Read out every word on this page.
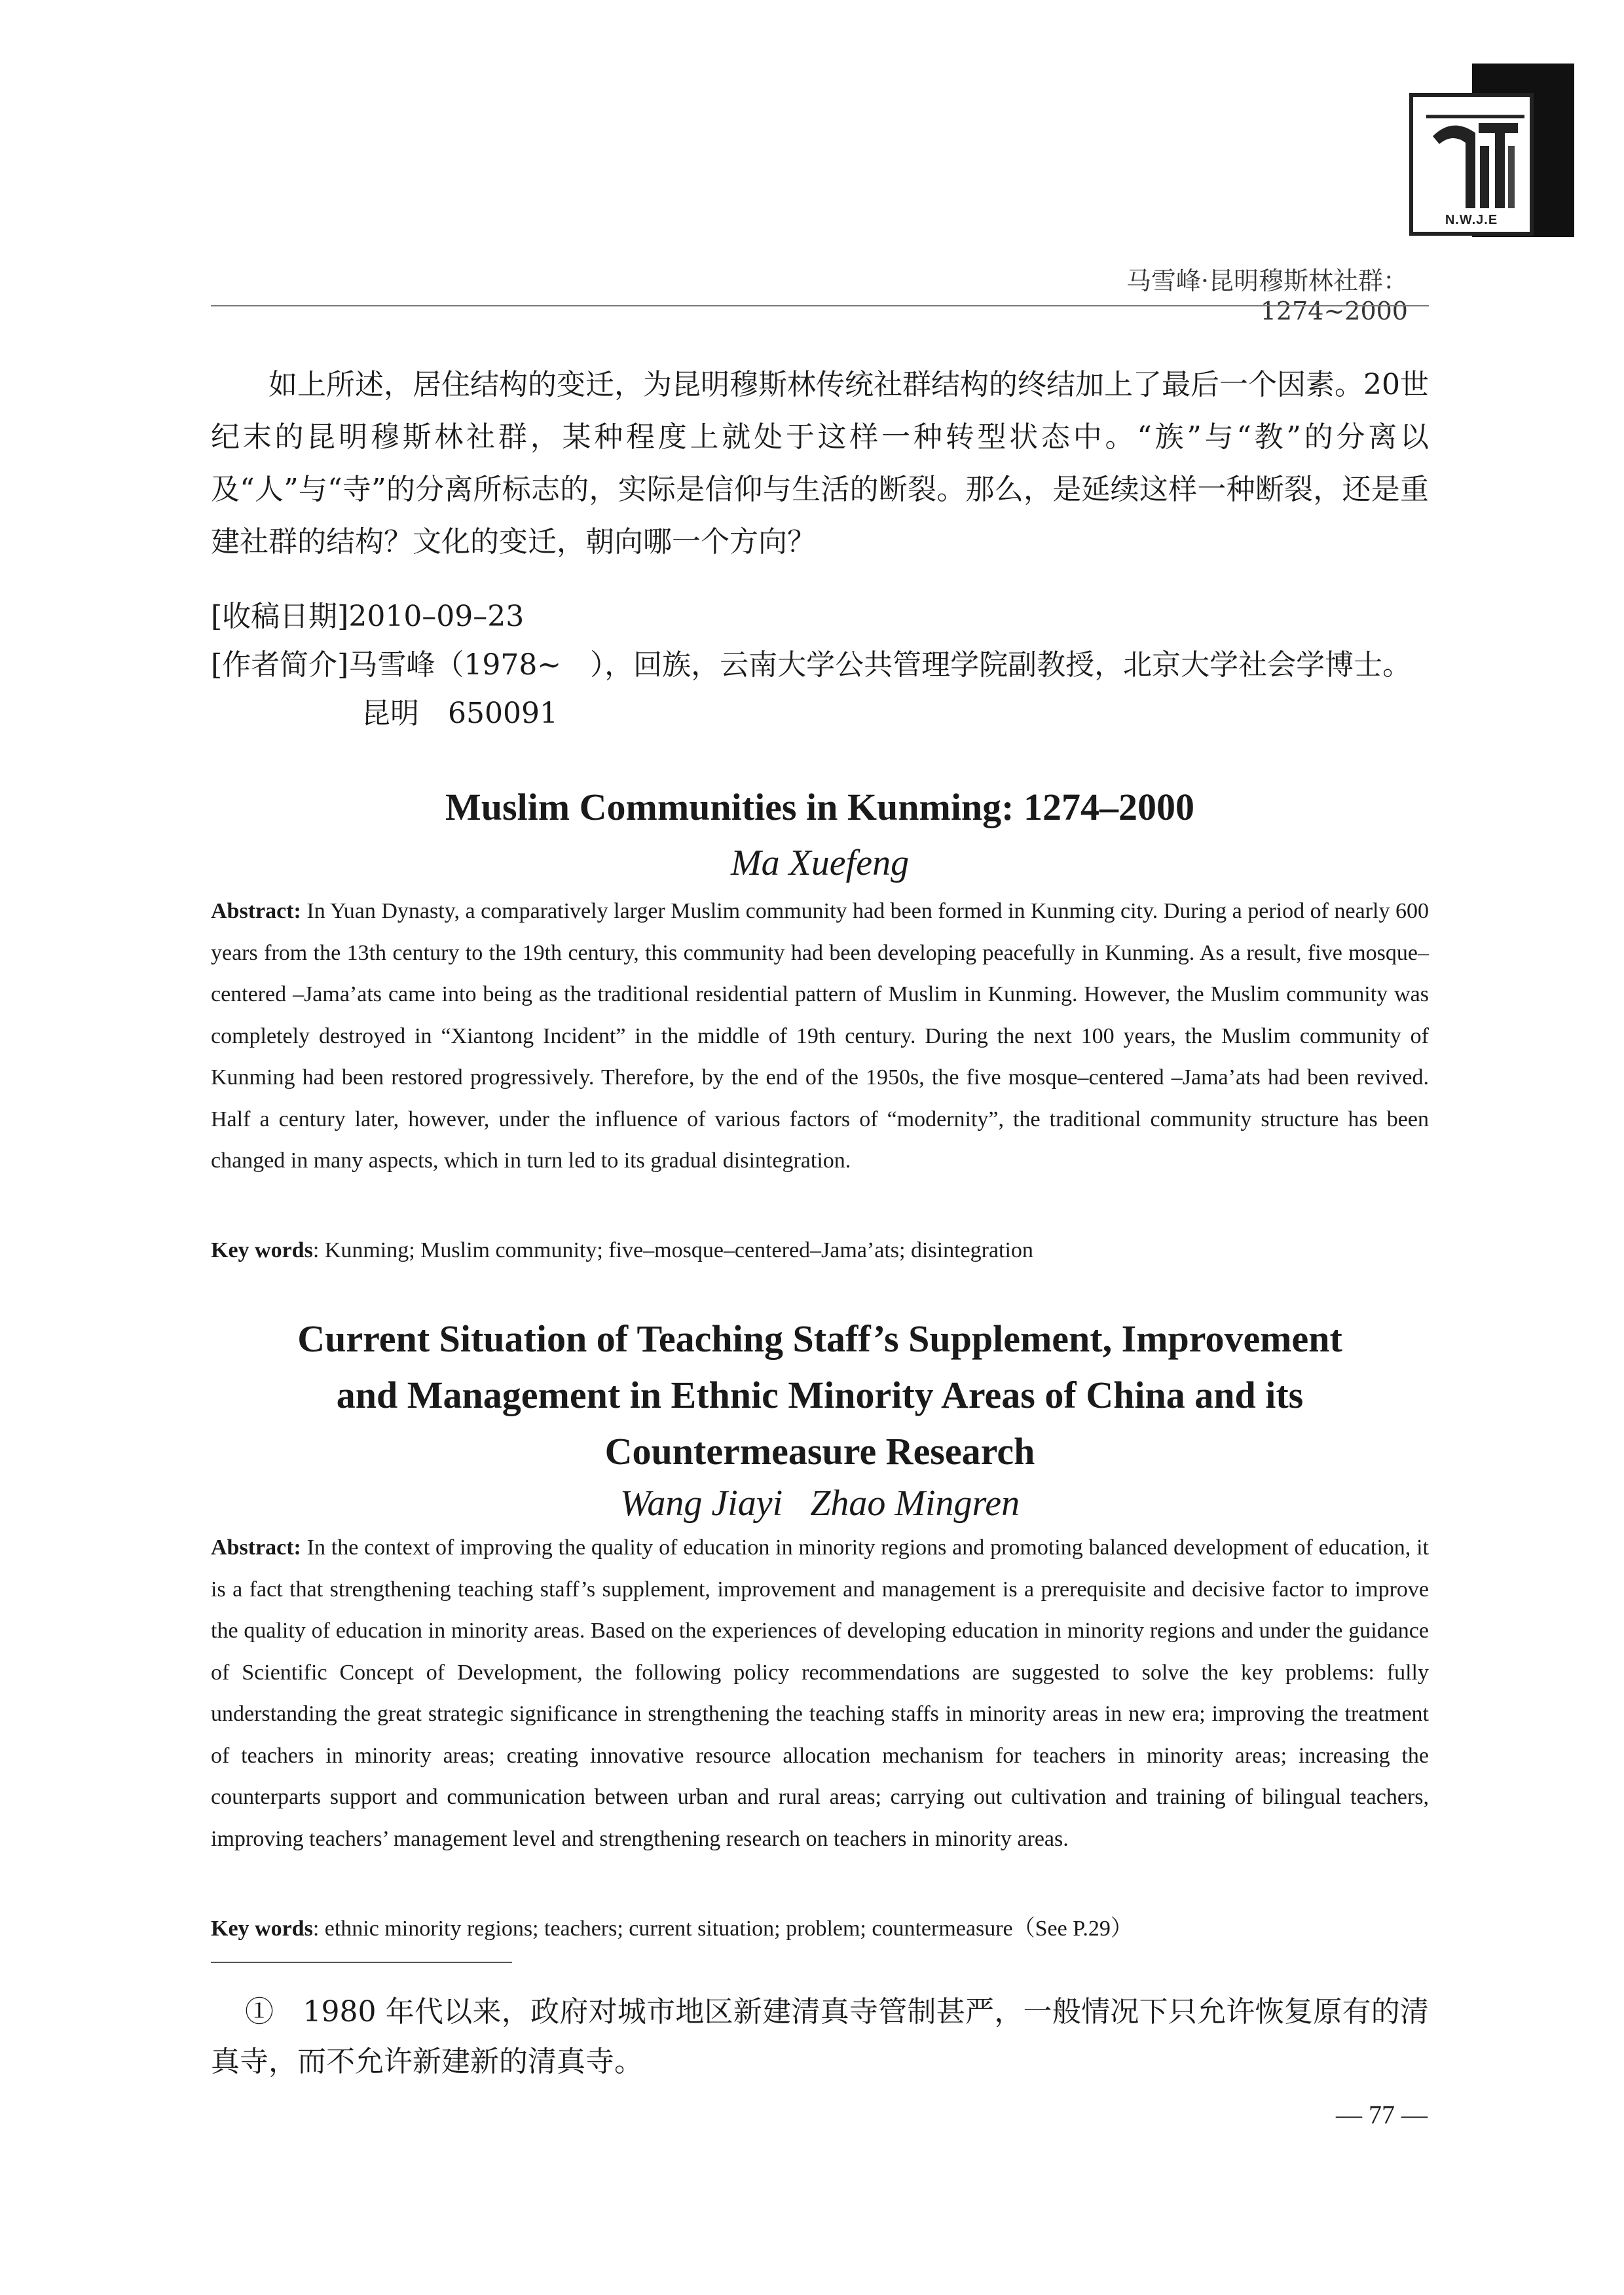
N.W.J.E
马雪峰·昆明穆斯林社群：1274~2000
如上所述，居住结构的变迁，为昆明穆斯林传统社群结构的终结加上了最后一个因素。20世纪末的昆明穆斯林社群，某种程度上就处于这样一种转型状态中。“族”与“教”的分离以及“人”与“寺”的分离所标志的，实际是信仰与生活的断裂。那么，是延续这样一种断裂，还是重建社群的结构？文化的变迁，朝向哪一个方向？
[收稿日期]2010–09–23
[作者简介]马雪峰（1978~　），回族，云南大学公共管理学院副教授，北京大学社会学博士。
昆明　650091
Muslim Communities in Kunming: 1274–2000
Ma Xuefeng
Abstract: In Yuan Dynasty, a comparatively larger Muslim community had been formed in Kunming city. During a period of nearly 600 years from the 13th century to the 19th century, this community had been developing peacefully in Kunming. As a result, five mosque–centered –Jama’ats came into being as the traditional residential pattern of Muslim in Kunming. However, the Muslim community was completely destroyed in “Xiantong Incident” in the middle of 19th century. During the next 100 years, the Muslim community of Kunming had been restored progressively. Therefore, by the end of the 1950s, the five mosque–centered –Jama’ats had been revived. Half a century later, however, under the influence of various factors of “modernity”, the traditional community structure has been changed in many aspects, which in turn led to its gradual disintegration.
Key words: Kunming; Muslim community; five–mosque–centered–Jama’ats; disintegration
Current Situation of Teaching Staff’s Supplement, Improvement
and Management in Ethnic Minority Areas of China and its
Countermeasure Research
Wang Jiayi   Zhao Mingren
Abstract: In the context of improving the quality of education in minority regions and promoting balanced development of education, it is a fact that strengthening teaching staff’s supplement, improvement and management is a prerequisite and decisive factor to improve the quality of education in minority areas. Based on the experiences of developing education in minority regions and under the guidance of Scientific Concept of Development, the following policy recommendations are suggested to solve the key problems: fully understanding the great strategic significance in strengthening the teaching staffs in minority areas in new era; improving the treatment of teachers in minority areas; creating innovative resource allocation mechanism for teachers in minority areas; increasing the counterparts support and communication between urban and rural areas; carrying out cultivation and training of bilingual teachers, improving teachers’ management level and strengthening research on teachers in minority areas.
Key words: ethnic minority regions; teachers; current situation; problem; countermeasure（See P.29）
①　1980 年代以来，政府对城市地区新建清真寺管制甚严，一般情况下只允许恢复原有的清真寺，而不允许新建新的清真寺。
— 77 —
